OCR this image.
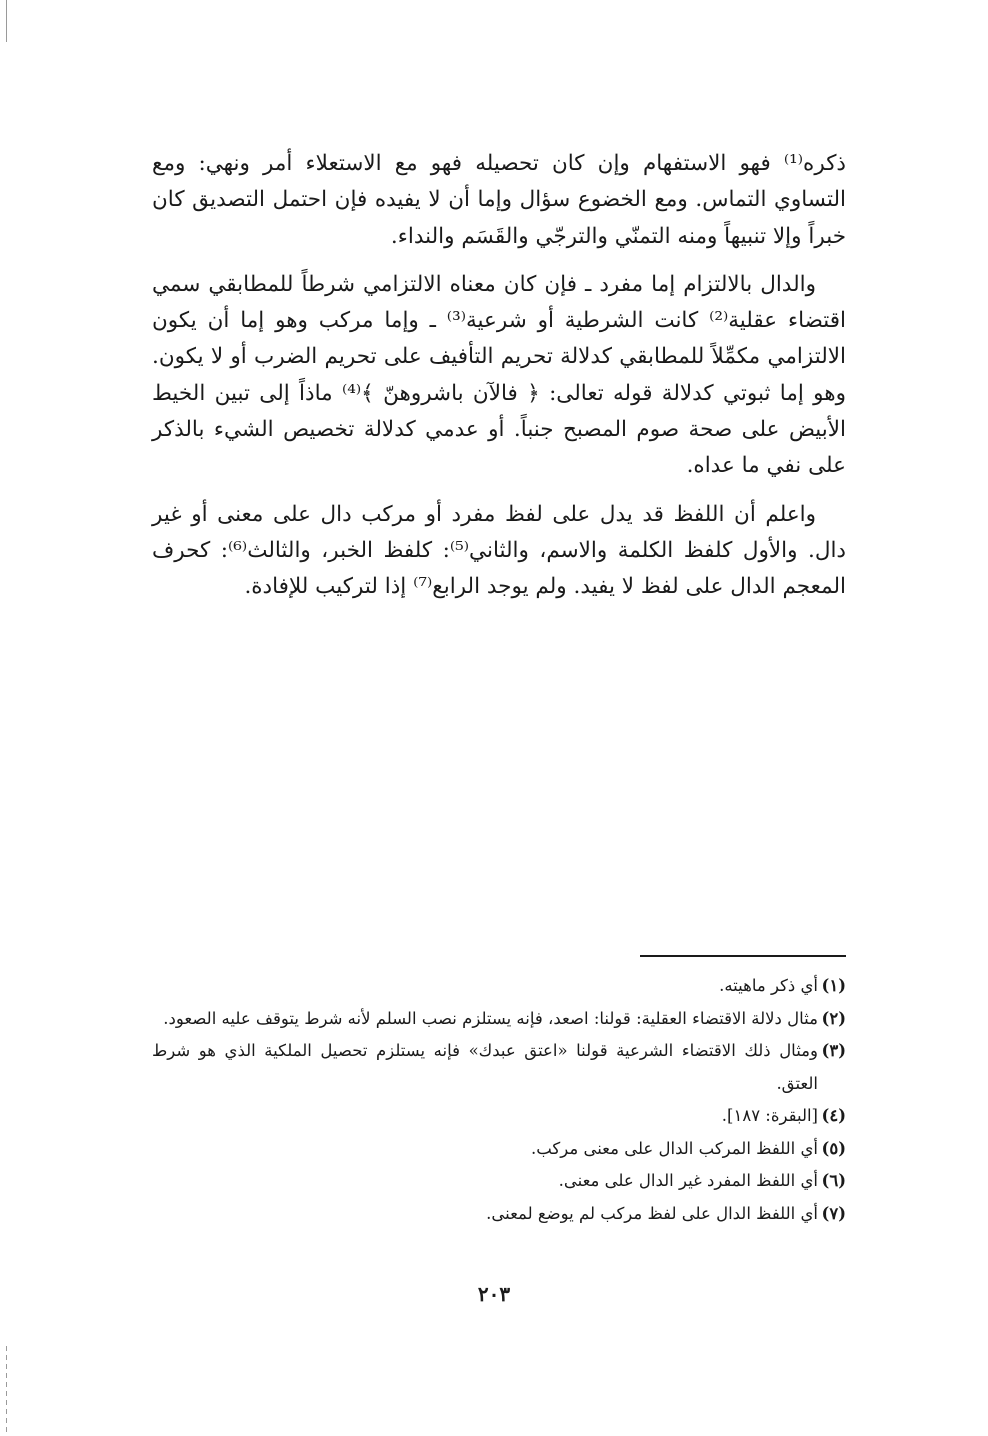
ذكره⁽¹⁾ فهو الاستفهام وإن كان تحصيله فهو مع الاستعلاء أمر ونهي: ومع التساوي التماس. ومع الخضوع سؤال وإما أن لا يفيده فإن احتمل التصديق كان خبراً وإلا تنبيهاً ومنه التمنّي والترجّي والقَسَم والنداء.

والدال بالالتزام إما مفرد ـ فإن كان معناه الالتزامي شرطاً للمطابقي سمي اقتضاء عقلية⁽²⁾ كانت الشرطية أو شرعية⁽³⁾ ـ وإما مركب وهو إما أن يكون الالتزامي مكمِّلاً للمطابقي كدلالة تحريم التأفيف على تحريم الضرب أو لا يكون. وهو إما ثبوتي كدلالة قوله تعالى: ﴿ فالآن باشروهنّ ﴾⁽⁴⁾ ماذاً إلى تبين الخيط الأبيض على صحة صوم المصبح جنباً. أو عدمي كدلالة تخصيص الشيء بالذكر على نفي ما عداه.

واعلم أن اللفظ قد يدل على لفظ مفرد أو مركب دال على معنى أو غير دال. والأول كلفظ الكلمة والاسم، والثاني⁽⁵⁾: كلفظ الخبر، والثالث⁽⁶⁾: كحرف المعجم الدال على لفظ لا يفيد. ولم يوجد الرابع⁽⁷⁾ إذا لتركيب للإفادة.

(١)
أي ذكر ماهيته.
(٢)
مثال دلالة الاقتضاء العقلية: قولنا: اصعد، فإنه يستلزم نصب السلم لأنه شرط يتوقف عليه الصعود.
(٣)
ومثال ذلك الاقتضاء الشرعية قولنا «اعتق عبدك» فإنه يستلزم تحصيل الملكية الذي هو شرط العتق.
(٤)
[البقرة: ١٨٧].
(٥)
أي اللفظ المركب الدال على معنى مركب.
(٦)
أي اللفظ المفرد غير الدال على معنى.
(٧)
أي اللفظ الدال على لفظ مركب لم يوضع لمعنى.
٢٠٣
